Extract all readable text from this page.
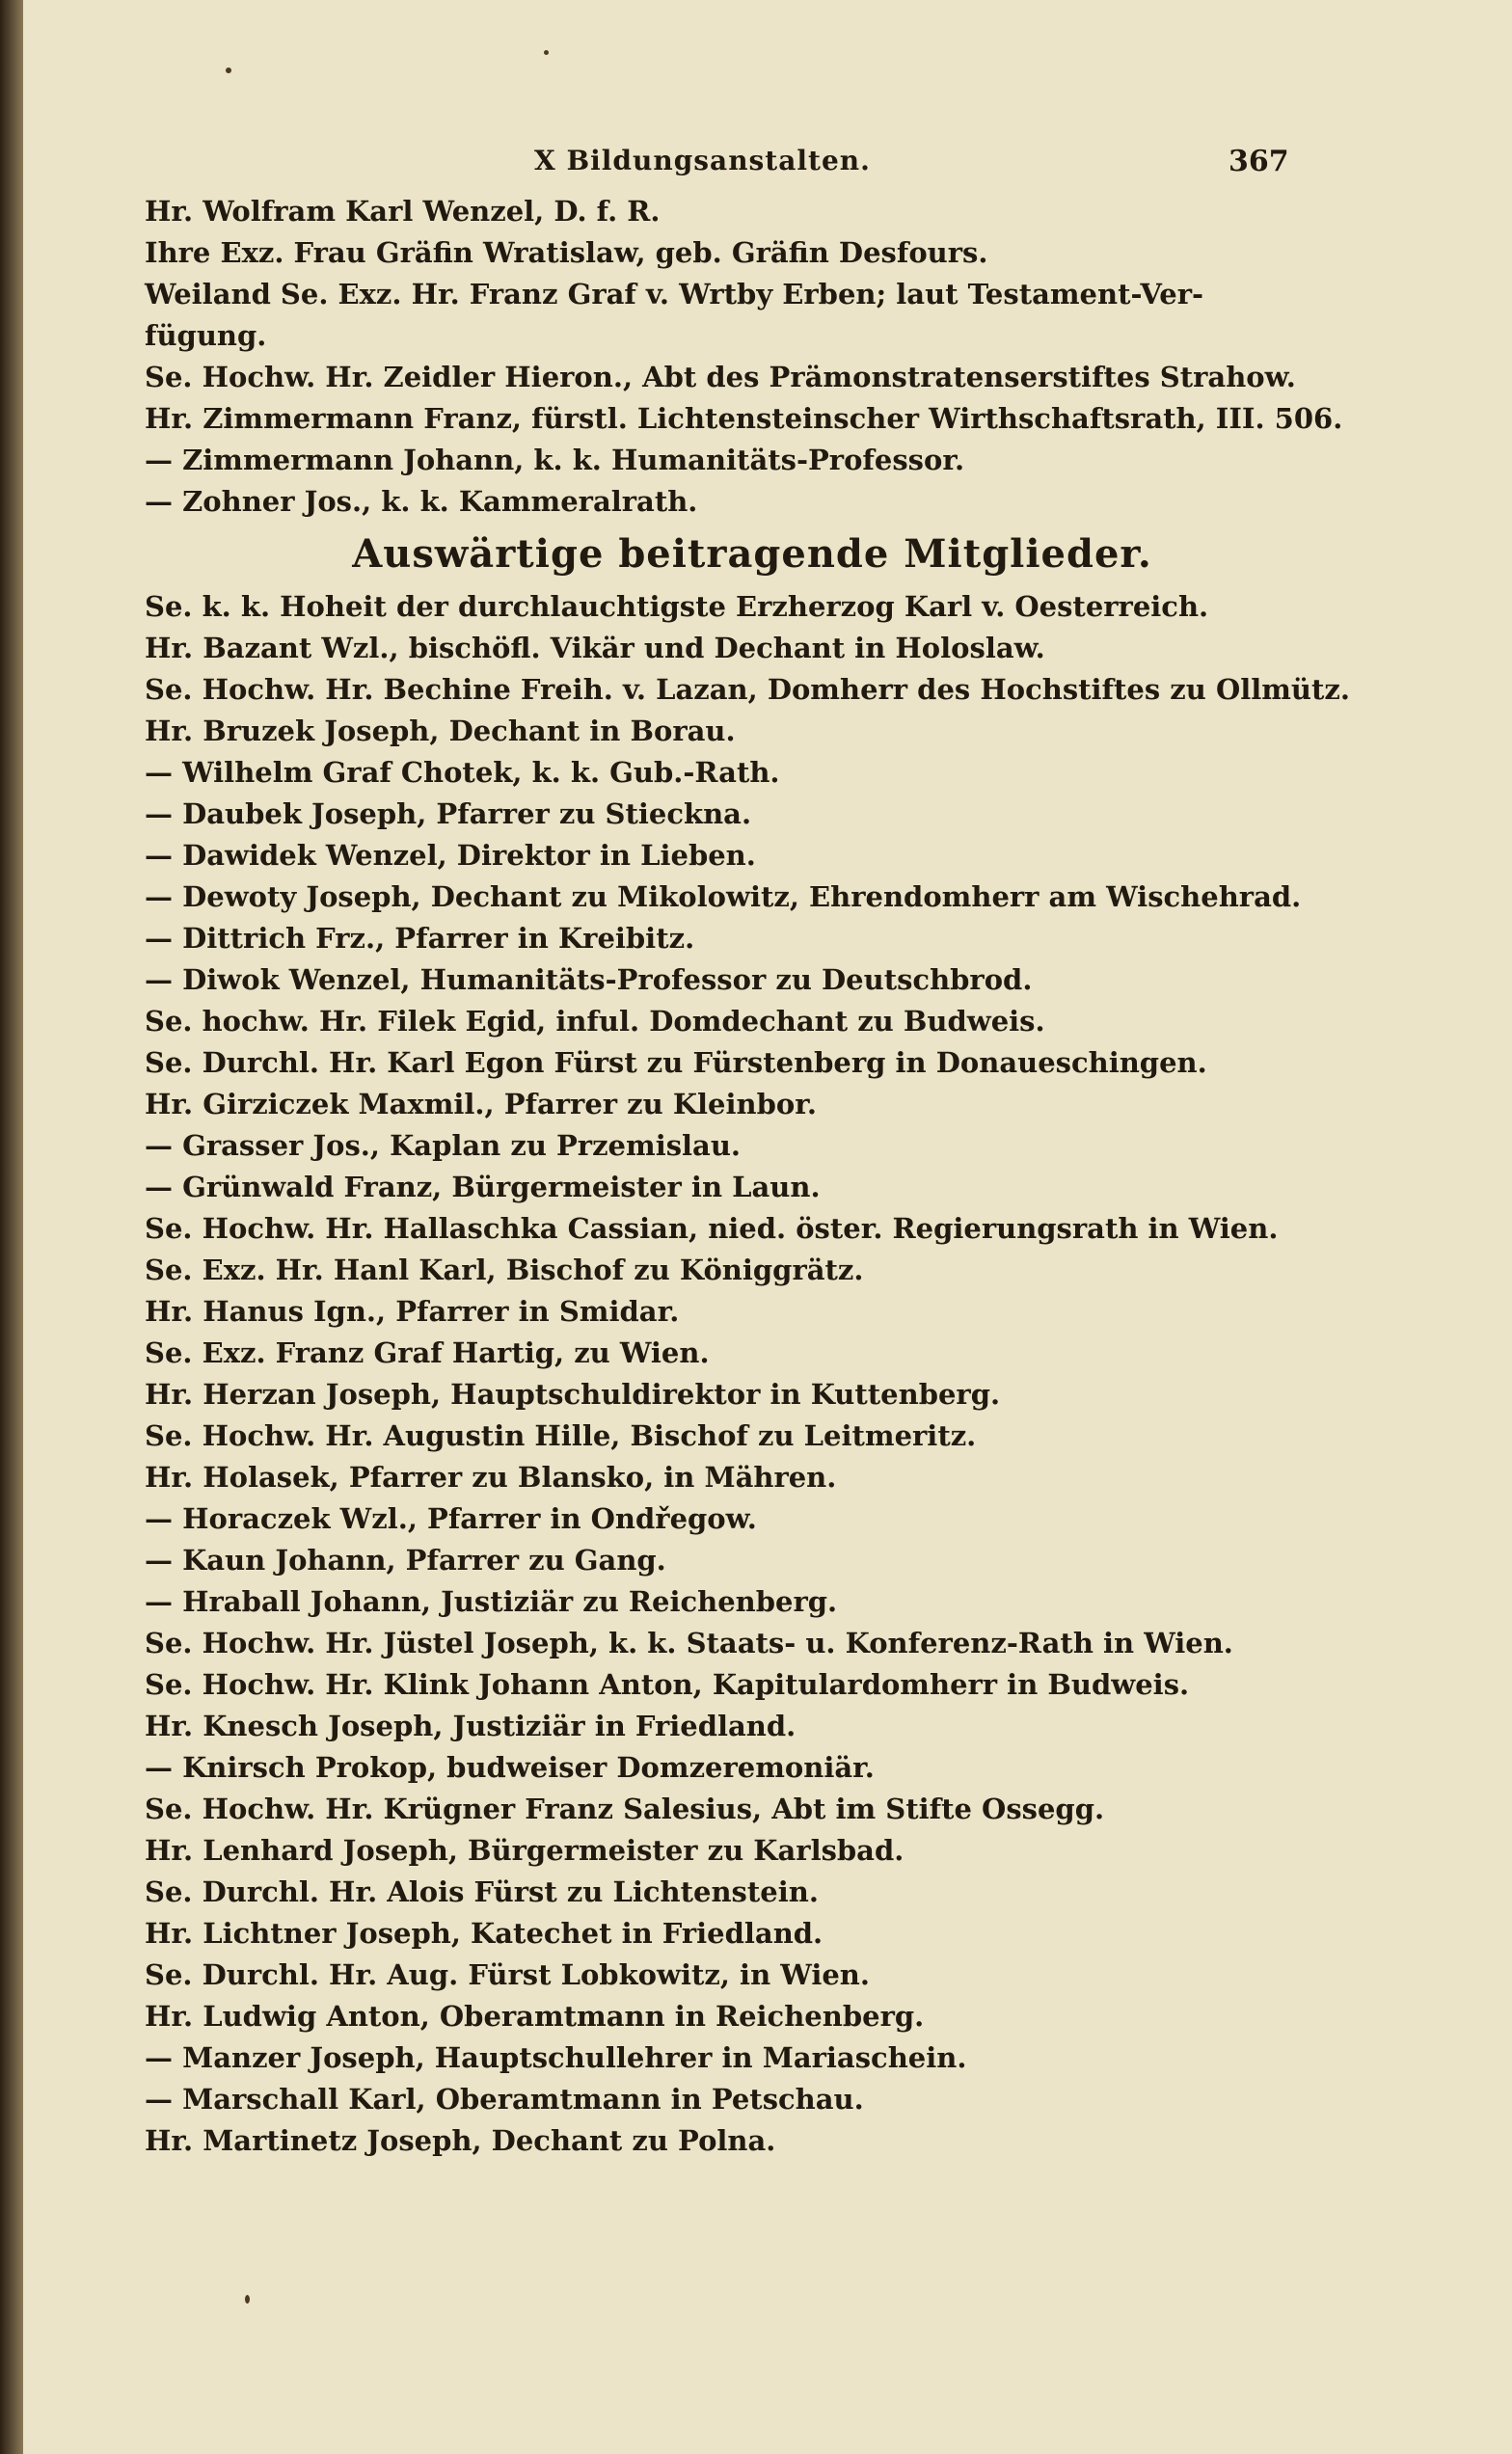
X Bildungsanstalten.	367
Hr. Wolfram Karl Wenzel, D. f. R.
Ihre Exz. Frau Gräfin Wratislaw, geb. Gräfin Desfours.
Weiland Se. Exz. Hr. Franz Graf v. Wrtby Erben; laut Testament-Ver-
fügung.
Se. Hochw. Hr. Zeidler Hieron., Abt des Prämonstratenserstiftes Strahow.
Hr. Zimmermann Franz, fürstl. Lichtensteinscher Wirthschaftsrath, III. 506.
— Zimmermann Johann, k. k. Humanitäts-Professor.
— Zohner Jos., k. k. Kammeralrath.
Auswärtige beitragende Mitglieder.
Se. k. k. Hoheit der durchlauchtigste Erzherzog Karl v. Oesterreich.
Hr. Bazant Wzl., bischöfl. Vikär und Dechant in Holoslaw.
Se. Hochw. Hr. Bechine Freih. v. Lazan, Domherr des Hochstiftes zu Ollmütz.
Hr. Bruzek Joseph, Dechant in Borau.
— Wilhelm Graf Chotek, k. k. Gub.-Rath.
— Daubek Joseph, Pfarrer zu Stieckna.
— Dawidek Wenzel, Direktor in Lieben.
— Dewoty Joseph, Dechant zu Mikolowitz, Ehrendomherr am Wischehrad.
— Dittrich Frz., Pfarrer in Kreibitz.
— Diwok Wenzel, Humanitäts-Professor zu Deutschbrod.
Se. hochw. Hr. Filek Egid, inful. Domdechant zu Budweis.
Se. Durchl. Hr. Karl Egon Fürst zu Fürstenberg in Donaueschingen.
Hr. Girziczek Maxmil., Pfarrer zu Kleinbor.
— Grasser Jos., Kaplan zu Przemislau.
— Grünwald Franz, Bürgermeister in Laun.
Se. Hochw. Hr. Hallaschka Cassian, nied. öster. Regierungsrath in Wien.
Se. Exz. Hr. Hanl Karl, Bischof zu Königgrätz.
Hr. Hanus Ign., Pfarrer in Smidar.
Se. Exz. Franz Graf Hartig, zu Wien.
Hr. Herzan Joseph, Hauptschuldirektor in Kuttenberg.
Se. Hochw. Hr. Augustin Hille, Bischof zu Leitmeritz.
Hr. Holasek, Pfarrer zu Blansko, in Mähren.
— Horaczek Wzl., Pfarrer in Ondřegow.
— Kaun Johann, Pfarrer zu Gang.
— Hraball Johann, Justiziär zu Reichenberg.
Se. Hochw. Hr. Jüstel Joseph, k. k. Staats- u. Konferenz-Rath in Wien.
Se. Hochw. Hr. Klink Johann Anton, Kapitulardomherr in Budweis.
Hr. Knesch Joseph, Justiziär in Friedland.
— Knirsch Prokop, budweiser Domzeremoniär.
Se. Hochw. Hr. Krügner Franz Salesius, Abt im Stifte Ossegg.
Hr. Lenhard Joseph, Bürgermeister zu Karlsbad.
Se. Durchl. Hr. Alois Fürst zu Lichtenstein.
Hr. Lichtner Joseph, Katechet in Friedland.
Se. Durchl. Hr. Aug. Fürst Lobkowitz, in Wien.
Hr. Ludwig Anton, Oberamtmann in Reichenberg.
— Manzer Joseph, Hauptschullehrer in Mariaschein.
— Marschall Karl, Oberamtmann in Petschau.
Hr. Martinetz Joseph, Dechant zu Polna.
